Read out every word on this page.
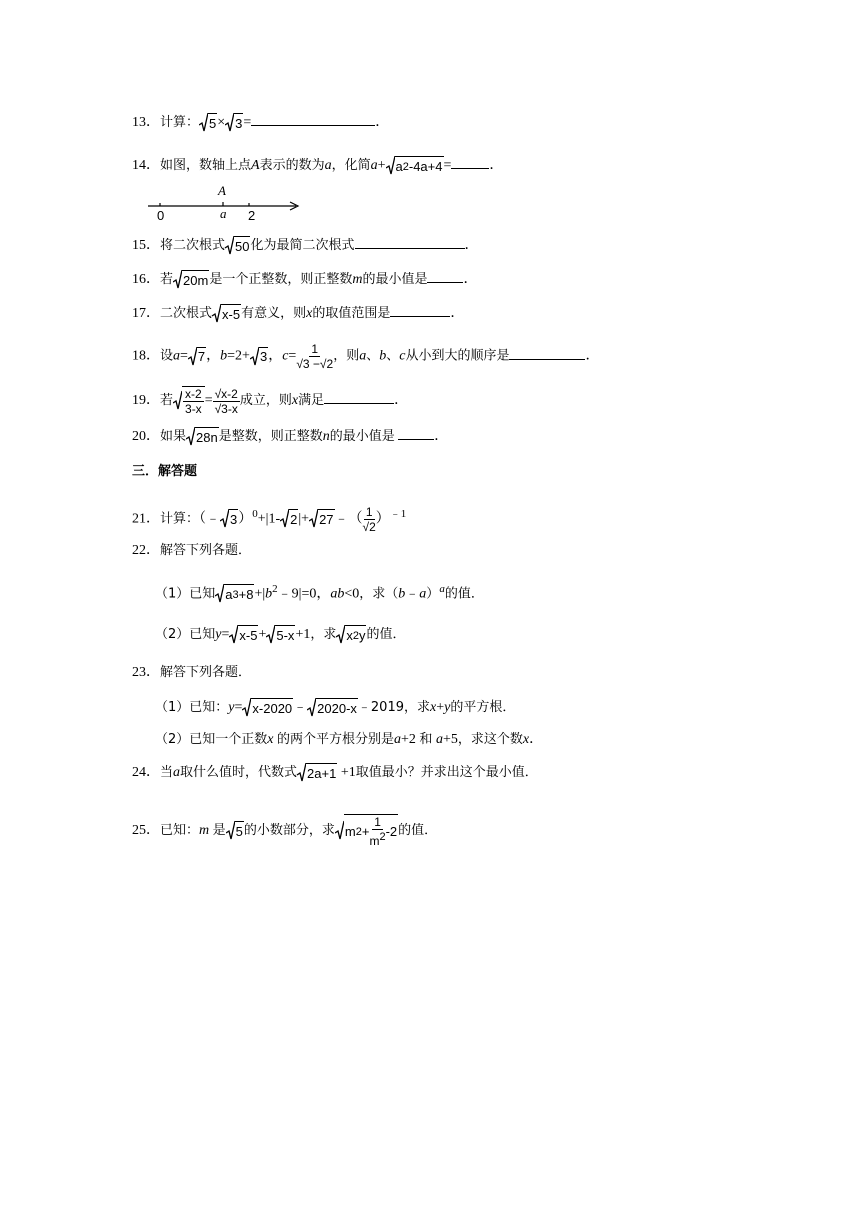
13．计算： 5 × 3 =	．
14．如图，数轴上点A表示的数为a，化简a+ a 2 -4a+4 =	．
A
0	a 2
15．将二次根式 50 化为最简二次根式	．
16．若 20m 是一个正整数，则正整数m的最小值是	．
17．二次根式 x-5 有意义，则x的取值范围是	．
18．设a= 7 ，b=2+ 3 ，$c= \frac{1}{√3 -√2}$ ，则a、b、c从小到大的顺序是	．
19．若 $\frac{x-2}{3-x} = \frac{√x-2}{√3-x}$ 成立，则x满足	．
20．如果 28n 是整数，则正整数n的最小值是	．
三．解答题
21．计算：（﹣ 3 ）$^0$+|1- 2 |+ 27 ﹣（ $\frac{1}{√2} )^{﹣1}$
22．解答下列各题．
（1）已知 a $3 +8 +|b^2﹣9|=0$，ab<0，求（b﹣a）$^a$的值．
（2）已知y= x-5 + 5-x +1，求 x 2 y 的值．
23．解答下列各题．
（1）已知：y= x-2020 ﹣ 2020-x ﹣2019，求x+y的平方根．
（2）已知一个正数x 的两个平方根分别是a+2 和 a+5，求这个数x．
24．当a取什么值时，代数式 2a+1 +1取值最小？并求出这个最小值．
25．已知：m 是 5 的小数部分，求 m $2 + \frac{1}{m2} -2$ 的值．
